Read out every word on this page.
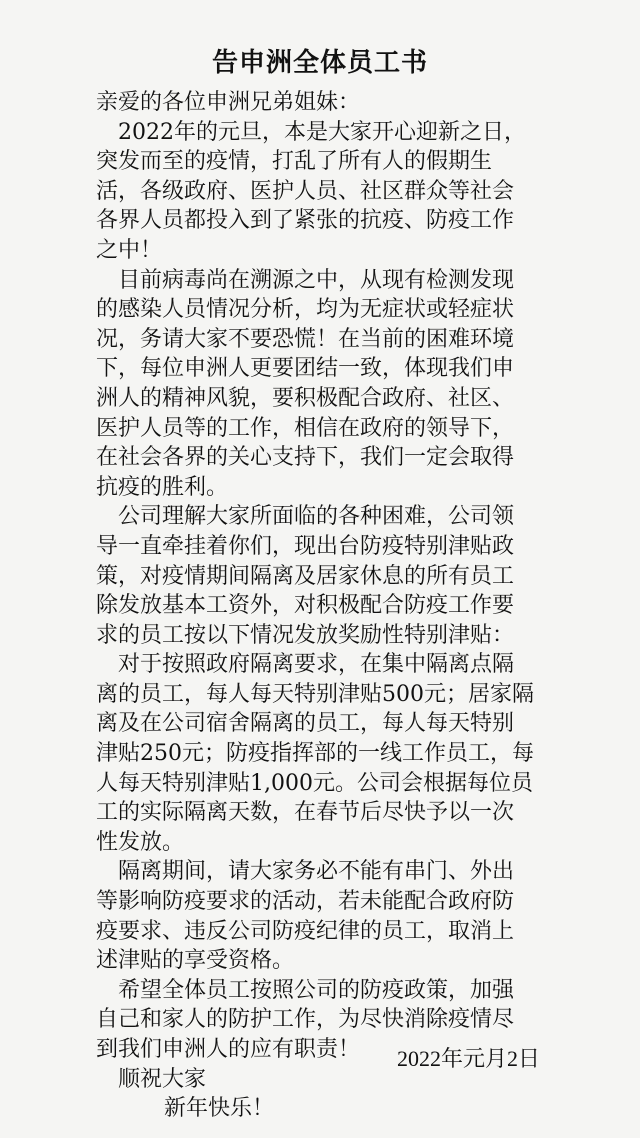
告申洲全体员工书
亲爱的各位申洲兄弟姐妹：
2022年的元旦，本是大家开心迎新之日，
突发而至的疫情，打乱了所有人的假期生
活，各级政府、医护人员、社区群众等社会
各界人员都投入到了紧张的抗疫、防疫工作
之中！
目前病毒尚在溯源之中，从现有检测发现
的感染人员情况分析，均为无症状或轻症状
况，务请大家不要恐慌！在当前的困难环境
下，每位申洲人更要团结一致，体现我们申
洲人的精神风貌，要积极配合政府、社区、
医护人员等的工作，相信在政府的领导下，
在社会各界的关心支持下，我们一定会取得
抗疫的胜利。
公司理解大家所面临的各种困难，公司领
导一直牵挂着你们，现出台防疫特别津贴政
策，对疫情期间隔离及居家休息的所有员工
除发放基本工资外，对积极配合防疫工作要
求的员工按以下情况发放奖励性特别津贴：
对于按照政府隔离要求，在集中隔离点隔
离的员工，每人每天特别津贴500元；居家隔
离及在公司宿舍隔离的员工，每人每天特别
津贴250元；防疫指挥部的一线工作员工，每
人每天特别津贴1,000元。公司会根据每位员
工的实际隔离天数，在春节后尽快予以一次
性发放。
隔离期间，请大家务必不能有串门、外出
等影响防疫要求的活动，若未能配合政府防
疫要求、违反公司防疫纪律的员工，取消上
述津贴的享受资格。
希望全体员工按照公司的防疫政策，加强
自己和家人的防护工作，为尽快消除疫情尽
到我们申洲人的应有职责！
顺祝大家
新年快乐！
2022年元月2日
